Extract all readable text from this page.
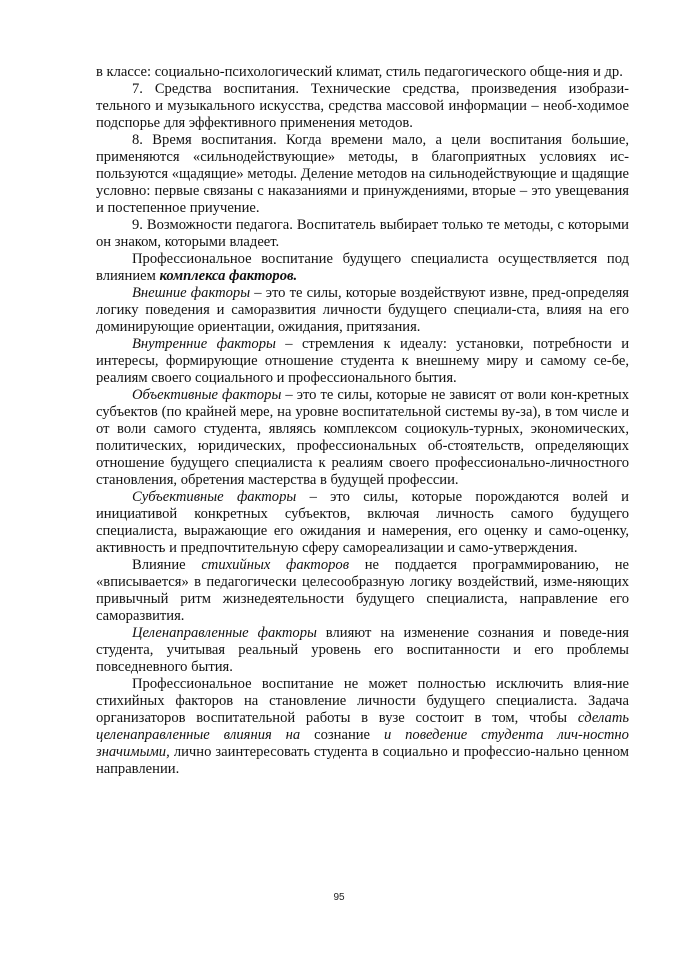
в классе: социально-психологический климат, стиль педагогического обще-ния и др.

7. Средства воспитания. Технические средства, произведения изобрази-тельного и музыкального искусства, средства массовой информации – необ-ходимое подспорье для эффективного применения методов.

8. Время воспитания. Когда времени мало, а цели воспитания большие, применяются «сильнодействующие» методы, в благоприятных условиях ис-пользуются «щадящие» методы. Деление методов на сильнодействующие и щадящие условно: первые связаны с наказаниями и принуждениями, вторые – это увещевания и постепенное приучение.

9. Возможности педагога. Воспитатель выбирает только те методы, с которыми он знаком, которыми владеет.

Профессиональное воспитание будущего специалиста осуществляется под влиянием комплекса факторов.

Внешние факторы – это те силы, которые воздействуют извне, пред-определяя логику поведения и саморазвития личности будущего специали-ста, влияя на его доминирующие ориентации, ожидания, притязания.

Внутренние факторы – стремления к идеалу: установки, потребности и интересы, формирующие отношение студента к внешнему миру и самому се-бе, реалиям своего социального и профессионального бытия.

Объективные факторы – это те силы, которые не зависят от воли кон-кретных субъектов (по крайней мере, на уровне воспитательной системы ву-за), в том числе и от воли самого студента, являясь комплексом социокуль-турных, экономических, политических, юридических, профессиональных об-стоятельств, определяющих отношение будущего специалиста к реалиям своего профессионально-личностного становления, обретения мастерства в будущей профессии.

Субъективные факторы – это силы, которые порождаются волей и инициативой конкретных субъектов, включая личность самого будущего специалиста, выражающие его ожидания и намерения, его оценку и само-оценку, активность и предпочтительную сферу самореализации и само-утверждения.

Влияние стихийных факторов не поддается программированию, не «вписывается» в педагогически целесообразную логику воздействий, изме-няющих привычный ритм жизнедеятельности будущего специалиста, направление его саморазвития.

Целенаправленные факторы влияют на изменение сознания и поведе-ния студента, учитывая реальный уровень его воспитанности и его проблемы повседневного бытия.

Профессиональное воспитание не может полностью исключить влия-ние стихийных факторов на становление личности будущего специалиста. Задача организаторов воспитательной работы в вузе состоит в том, чтобы сделать целенаправленные влияния на сознание и поведение студента лич-ностно значимыми, лично заинтересовать студента в социально и профессио-нально ценном направлении.

95
